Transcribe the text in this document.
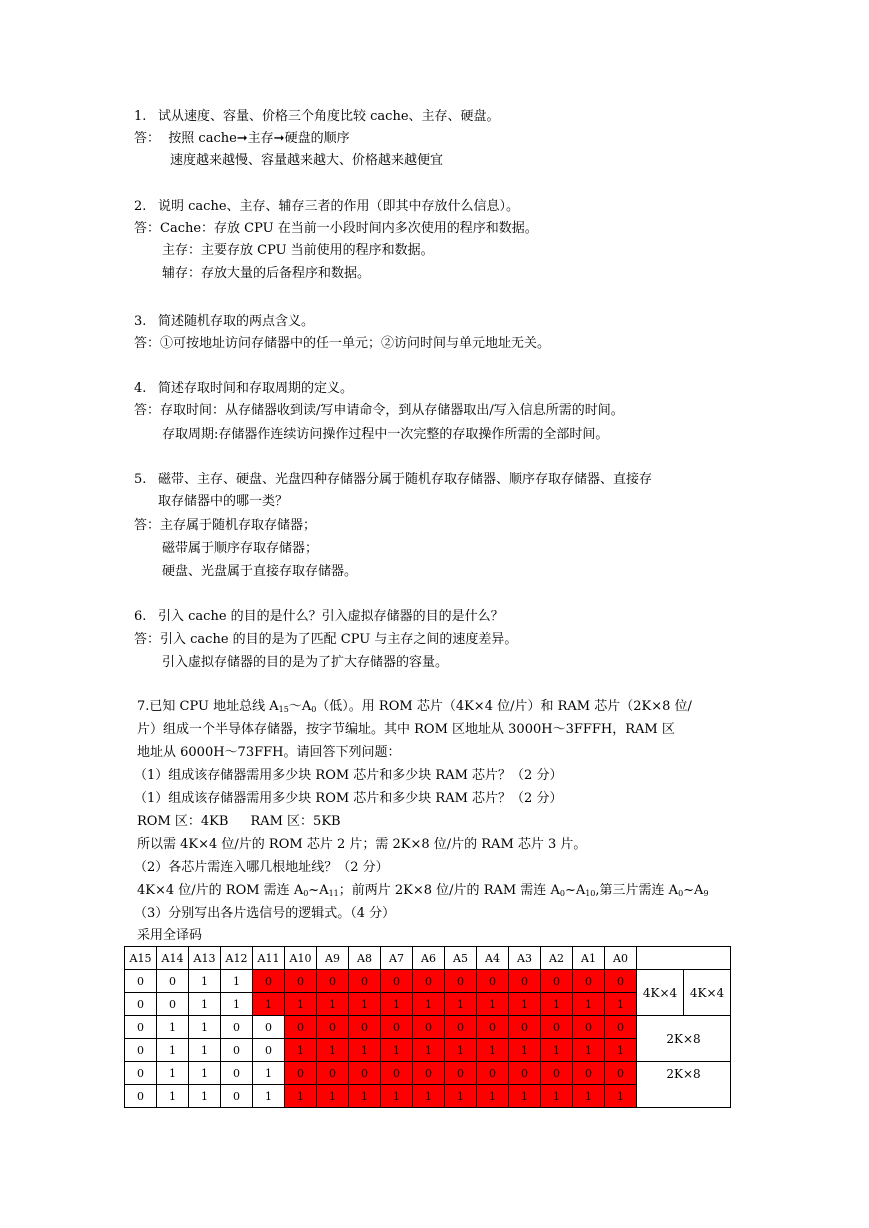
1. 试从速度、容量、价格三个角度比较 cache、主存、硬盘。
答： 按照 cache➞主存➞硬盘的顺序
速度越来越慢、容量越来越大、价格越来越便宜
2. 说明 cache、主存、辅存三者的作用（即其中存放什么信息）。
答：Cache：存放 CPU 在当前一小段时间内多次使用的程序和数据。
主存：主要存放 CPU 当前使用的程序和数据。
辅存：存放大量的后备程序和数据。
3. 简述随机存取的两点含义。
答：①可按地址访问存储器中的任一单元；②访问时间与单元地址无关。
4. 简述存取时间和存取周期的定义。
答：存取时间：从存储器收到读/写申请命令，到从存储器取出/写入信息所需的时间。
存取周期:存储器作连续访问操作过程中一次完整的存取操作所需的全部时间。
5. 磁带、主存、硬盘、光盘四种存储器分属于随机存取存储器、顺序存取存储器、直接存
取存储器中的哪一类？
答：主存属于随机存取存储器；
磁带属于顺序存取存储器；
硬盘、光盘属于直接存取存储器。
6. 引入 cache 的目的是什么？引入虚拟存储器的目的是什么？
答：引入 cache 的目的是为了匹配 CPU 与主存之间的速度差异。
引入虚拟存储器的目的是为了扩大存储器的容量。
7.已知 CPU 地址总线 $A_{15}\sim A_0$（低）。用 ROM 芯片（4K×4 位/片）和 RAM 芯片（2K×8 位/
片）组成一个半导体存储器，按字节编址。其中 ROM 区地址从 3000H～3FFFH，RAM 区
地址从 6000H～73FFH。请回答下列问题：
（1）组成该存储器需用多少块 ROM 芯片和多少块 RAM 芯片？（2 分）
（1）组成该存储器需用多少块 ROM 芯片和多少块 RAM 芯片？（2 分）
ROM 区：4KB RAM 区：5KB
所以需 4K×4 位/片的 ROM 芯片 2 片；需 2K×8 位/片的 RAM 芯片 3 片。
（2）各芯片需连入哪几根地址线？（2 分）
4K×4 位/片的 ROM 需连 $A_0\sim A_{11}$；前两片 2K×8 位/片的 RAM 需连 $A_0\sim A_{10}$,第三片需连 $A_0\sim A_9$
（3）分别写出各片选信号的逻辑式。（4 分）
采用全译码
A15	A14	A13	A12	A11	A10	A9	A8	A7	A6	A5	A4	A3	A2	A1	A0		
0	0	1	1	0	0	0	0	0	0	0	0	0	0	0	0	4K×4	4K×4
0	0	1	1	1	1	1	1	1	1	1	1	1	1	1	1		
0	1	1	0	0	0	0	0	0	0	0	0	0	0	0	0	2K×8	
0	1	1	0	0	1	1	1	1	1	1	1	1	1	1	1		
0	1	1	0	1	0	0	0	0	0	0	0	0	0	0	0	2K×8	
0	1	1	0	1	1	1	1	1	1	1	1	1	1	1	1		
